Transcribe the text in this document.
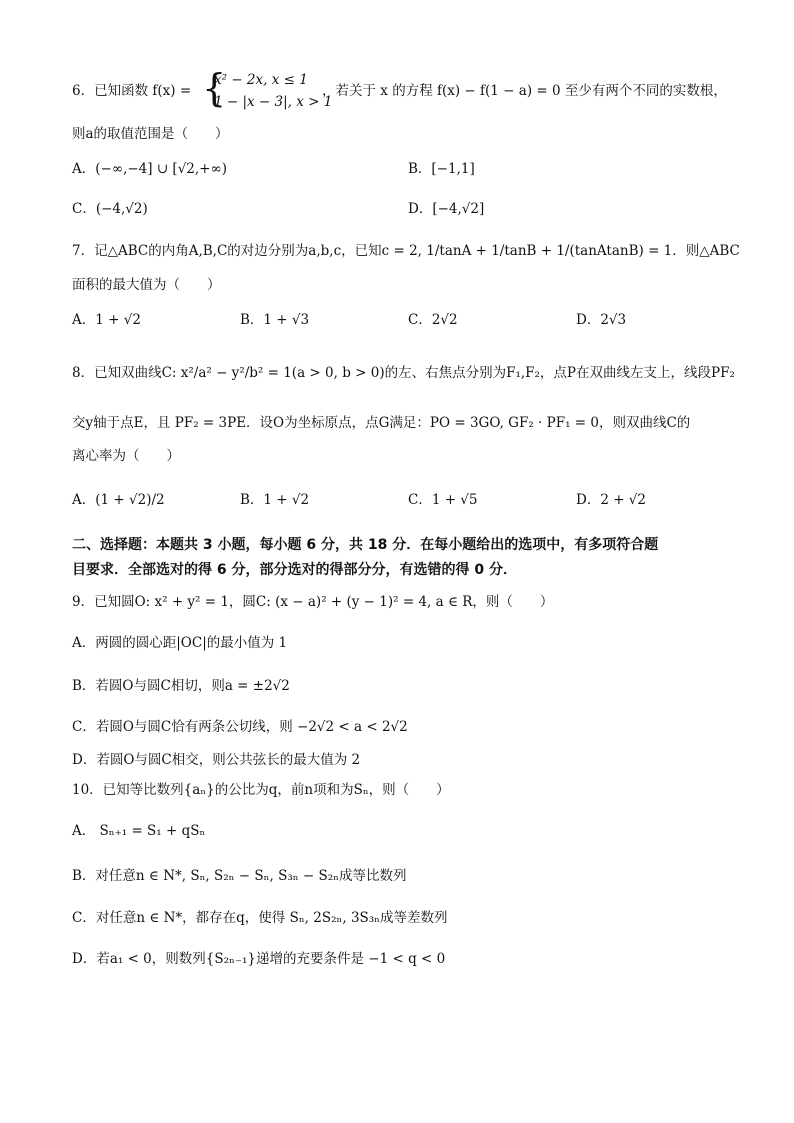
6．已知函数 f(x) = {
x² − 2x, x ≤ 1
1 − |x − 3|, x > 1
，若关于 x 的方程 f(x) − f(1 − a) = 0 至少有两个不同的实数根，
则a的取值范围是（　　）
A．(−∞,−4] ∪ [√2,+∞)	B．[−1,1]
C．(−4,√2)	D．[−4,√2]
7．记△ABC的内角A,B,C的对边分别为a,b,c，已知c = 2, 1/tanA + 1/tanB + 1/(tanAtanB) = 1．则△ABC
面积的最大值为（　　）
A．1 + √2	B．1 + √3	C．2√2	D．2√3
8．已知双曲线C: x²/a² − y²/b² = 1(a > 0, b > 0)的左、右焦点分别为F₁,F₂，点P在双曲线左支上，线段PF₂
交y轴于点E，且 PF₂ = 3PE．设O为坐标原点，点G满足：PO = 3GO, GF₂ · PF₁ = 0，则双曲线C的
离心率为（　　）
A．(1 + √2)/2	B．1 + √2	C．1 + √5	D．2 + √2
二、选择题：本题共 3 小题，每小题 6 分，共 18 分．在每小题给出的选项中，有多项符合题
目要求．全部选对的得 6 分，部分选对的得部分分，有选错的得 0 分．
9．已知圆O: x² + y² = 1，圆C: (x − a)² + (y − 1)² = 4, a ∈ R，则（　　）
A．两圆的圆心距|OC|的最小值为 1
B．若圆O与圆C相切，则a = ±2√2
C．若圆O与圆C恰有两条公切线，则 −2√2 < a < 2√2
D．若圆O与圆C相交，则公共弦长的最大值为 2
10．已知等比数列{aₙ}的公比为q，前n项和为Sₙ，则（　　）
A． Sₙ₊₁ = S₁ + qSₙ
B．对任意n ∈ N*, Sₙ, S₂ₙ − Sₙ, S₃ₙ − S₂ₙ成等比数列
C．对任意n ∈ N*，都存在q，使得 Sₙ, 2S₂ₙ, 3S₃ₙ成等差数列
D．若a₁ < 0，则数列{S₂ₙ₋₁}递增的充要条件是 −1 < q < 0
